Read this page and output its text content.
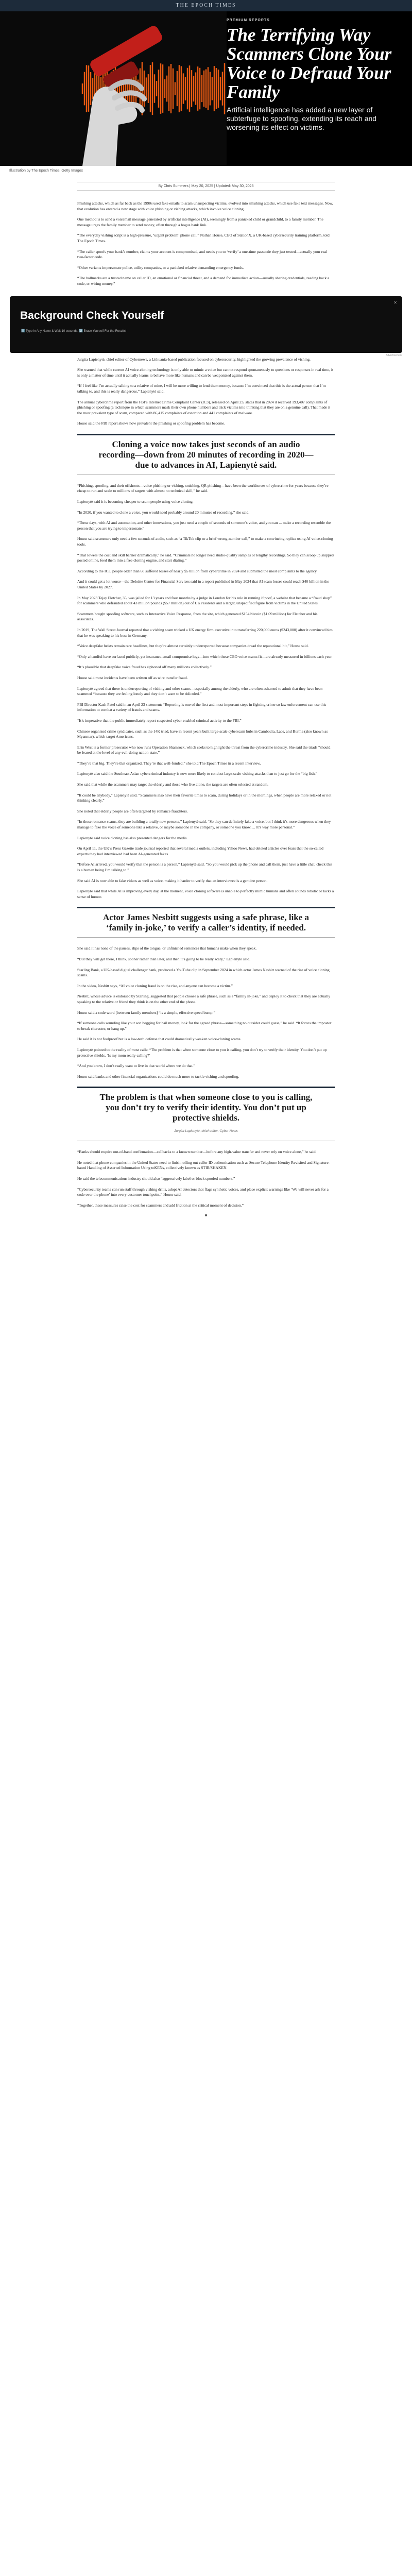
THE EPOCH TIMES

PREMIUM REPORTS

The Terrifying Way Scammers Clone Your Voice to Defraud Your Family
Artificial intelligence has added a new layer of subterfuge to spoofing, extending its reach and worsening its effect on victims.
Illustration by The Epoch Times, Getty Images
By Chris Summers | May 20, 2025 | Updated: May 30, 2025

Phishing attacks, which as far back as the 1990s used fake emails to scam unsuspecting victims, evolved into smishing attacks, which use fake text messages. Now, that evolution has entered a new stage with voice phishing or vishing attacks, which involve voice cloning.

One method is to send a voicemail message generated by artificial intelligence (AI), seemingly from a panicked child or grandchild, to a family member. The message urges the family member to send money, often through a bogus bank link.

“The everyday vishing script is a high-pressure, ‘urgent problem’ phone call,” Nathan House, CEO of StationX, a UK-based cybersecurity training platform, told The Epoch Times.

“The caller spoofs your bank’s number, claims your account is compromised, and needs you to ‘verify’ a one-time passcode they just texted—actually your real two-factor code.

“Other variants impersonate police, utility companies, or a panicked relative demanding emergency funds.

“The hallmarks are a trusted name on caller ID, an emotional or financial threat, and a demand for immediate action—usually sharing credentials, reading back a code, or wiring money.”

Background Check Yourself

1️⃣ Type in Any Name & Wait 10 seconds. 2️⃣ Brace Yourself For the Results!
✕
Advertisement

Jurgita Lapienytė, chief editor of Cybernews, a Lithuania-based publication focused on cybersecurity, highlighted the growing prevalence of vishing.

She warned that while current AI voice-cloning technology is only able to mimic a voice but cannot respond spontaneously to questions or responses in real time, it is only a matter of time until it actually learns to behave more like humans and can be weaponized against them.

“If I feel like I’m actually talking to a relative of mine, I will be more willing to lend them money, because I’m convinced that this is the actual person that I’m talking to, and this is really dangerous,” Lapienytė said.

The annual cybercrime report from the FBI’s Internet Crime Complaint Center (IC3), released on April 23, states that in 2024 it received 193,407 complaints of phishing or spoofing (a technique in which scammers mask their own phone numbers and trick victims into thinking that they are on a genuine call). That made it the most prevalent type of scam, compared with 86,415 complaints of extortion and 441 complaints of malware.

House said the FBI report shows how prevalent the phishing or spoofing problem has become.

Cloning a voice now takes just seconds of an audio recording—down from 20 minutes of recording in 2020—due to advances in AI, Lapienytė said.

“Phishing, spoofing, and their offshoots—voice phishing or vishing, smishing, QR phishing—have been the workhorses of cybercrime for years because they’re cheap to run and scale to millions of targets with almost no technical skill,” he said.

Lapienytė said it is becoming cheaper to scam people using voice cloning.

“In 2020, if you wanted to clone a voice, you would need probably around 20 minutes of recording,” she said.

“These days, with AI and automation, and other innovations, you just need a couple of seconds of someone’s voice, and you can ... make a recording resemble the person that you are trying to impersonate.”

House said scammers only need a few seconds of audio, such as “a TikTok clip or a brief wrong-number call,” to make a convincing replica using AI voice-cloning tools.

“That lowers the cost and skill barrier dramatically,” he said. “Criminals no longer need studio-quality samples or lengthy recordings. So they can scoop up snippets posted online, feed them into a free cloning engine, and start dialing.”

According to the IC3, people older than 60 suffered losses of nearly $5 billion from cybercrime in 2024 and submitted the most complaints to the agency.

And it could get a lot worse—the Deloitte Center for Financial Services said in a report published in May 2024 that AI scam losses could reach $40 billion in the United States by 2027.

In May 2023 Tejay Fletcher, 35, was jailed for 13 years and four months by a judge in London for his role in running iSpoof, a website that became a “fraud shop” for scammers who defrauded about 43 million pounds ($57 million) out of UK residents and a larger, unspecified figure from victims in the United States.

Scammers bought spoofing software, such as Interactive Voice Response, from the site, which generated $154 bitcoin ($1.09 million) for Fletcher and his associates.

In 2019, The Wall Street Journal reported that a vishing scam tricked a UK energy firm executive into transferring 220,000 euros ($243,000) after it convinced him that he was speaking to his boss in Germany.

“Voice deepfake heists remain rare headlines, but they’re almost certainly underreported because companies dread the reputational hit,” House said.

“Only a handful have surfaced publicly, yet insurance-email compromise logs—into which these CEO voice scams fit—are already measured in billions each year.

“It’s plausible that deepfake voice fraud has siphoned off many millions collectively.”

House said most incidents have been written off as wire transfer fraud.

Lapienytė agreed that there is underreporting of vishing and other scams—especially among the elderly, who are often ashamed to admit that they have been scammed “because they are feeling lonely and they don’t want to be ridiculed.”

FBI Director Kash Patel said in an April 23 statement: “Reporting is one of the first and most important steps in fighting crime so law enforcement can use this information to combat a variety of frauds and scams.

“It’s imperative that the public immediately report suspected cyber-enabled criminal activity to the FBI.”

Chinese organized crime syndicates, such as the 14K triad, have in recent years built large-scale cyberscam hubs in Cambodia, Laos, and Burma (also known as Myanmar), which target Americans.

Erin West is a former prosecutor who now runs Operation Shamrock, which seeks to highlight the threat from the cybercrime industry. She said the triads “should be feared at the level of any evil-doing nation-state.”

“They’re that big. They’re that organized. They’re that well-funded,” she told The Epoch Times in a recent interview.

Lapienytė also said the Southeast Asian cybercriminal industry is now more likely to conduct large-scale vishing attacks than to just go for the “big fish.”

She said that while the scammers may target the elderly and those who live alone, the targets are often selected at random.

“It could be anybody,” Lapienytė said. “Scammers also have their favorite times to scam, during holidays or in the mornings, when people are more relaxed or not thinking clearly.”

She noted that elderly people are often targeted by romance fraudsters.

“In those romance scams, they are building a totally new persona,” Lapienytė said. “So they can definitely fake a voice, but I think it’s more dangerous when they manage to fake the voice of someone like a relative, or maybe someone in the company, or someone you know. ... It’s way more personal.”

Lapienytė said voice cloning has also presented dangers for the media.

On April 11, the UK’s Press Gazette trade journal reported that several media outlets, including Yahoo News, had deleted articles over fears that the so-called experts they had interviewed had been AI-generated fakes.

“Before AI arrived, you would verify that the person is a person,” Lapienytė said. “So you would pick up the phone and call them, just have a little chat, check this is a human being I’m talking to.”

She said AI is now able to fake videos as well as voice, making it harder to verify that an interviewee is a genuine person.

Lapienytė said that while AI is improving every day, at the moment, voice cloning software is unable to perfectly mimic humans and often sounds robotic or lacks a sense of humor.

Actor James Nesbitt suggests using a safe phrase, like a ‘family in-joke,’ to verify a caller’s identity, if needed.

She said it has none of the pauses, slips of the tongue, or unfinished sentences that humans make when they speak.

“But they will get there, I think, sooner rather than later, and then it’s going to be really scary,” Lapienytė said.

Starling Bank, a UK-based digital challenger bank, produced a YouTube clip in September 2024 in which actor James Nesbitt warned of the rise of voice cloning scams.

In the video, Nesbitt says, “AI voice cloning fraud is on the rise, and anyone can become a victim.”

Nesbitt, whose advice is endorsed by Starling, suggested that people choose a safe phrase, such as a “family in-joke,” and deploy it to check that they are actually speaking to the relative or friend they think is on the other end of the phone.

House said a code word [between family members] “is a simple, effective speed bump.”

“If someone calls sounding like your son begging for bail money, look for the agreed phrase—something no outsider could guess,” he said. “It forces the impostor to break character, or hang up.”

He said it is not foolproof but is a low-tech defense that could dramatically weaken voice-cloning scams.

Lapienytė pointed to the reality of most calls: “The problem is that when someone close to you is calling, you don’t try to verify their identity. You don’t put up protective shields. ‘Is my mom really calling?’

“And you know, I don’t really want to live in that world where we do that.”

House said banks and other financial organizations could do much more to tackle vishing and spoofing.

The problem is that when someone close to you is calling, you don’t try to verify their identity. You don’t put up protective shields.
Jurgita Lapienytė, chief editor, Cyber News

“Banks should require out-of-band confirmation—callbacks to a known number—before any high-value transfer and never rely on voice alone,” he said.

He noted that phone companies in the United States need to finish rolling out caller ID authentication such as Secure Telephone Identity Revisited and Signature-based Handling of Asserted Information Using toKENs, collectively known as STIR/SHAKEN.

He said the telecommunications industry should also “aggressively label or block spoofed numbers.”

“Cybersecurity teams can run staff through vishing drills, adopt AI detectors that flags synthetic voices, and place explicit warnings like ‘We will never ask for a code over the phone’ into every customer touchpoint,” House said.

“Together, these measures raise the cost for scammers and add friction at the critical moment of decision.”

■
